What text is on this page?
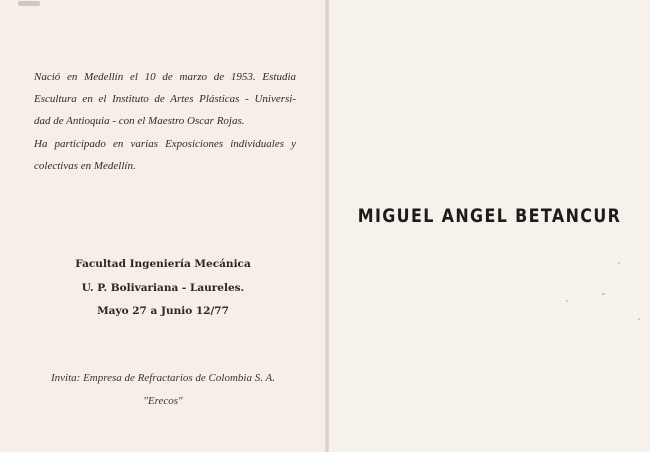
Nació en Medellín el 10 de marzo de 1953. Estudia
Escultura en el Instituto de Artes Plásticas - Universi-
dad de Antioquia - con el Maestro Oscar Rojas.
Ha participado en varias Exposiciones individuales y
colectivas en Medellín.
Facultad Ingeniería Mecánica
U. P. Bolivariana - Laureles.
Mayo 27 a Junio 12/77
Invita: Empresa de Refractarios de Colombia S. A.
"Erecos"
MIGUEL ANGEL BETANCUR
